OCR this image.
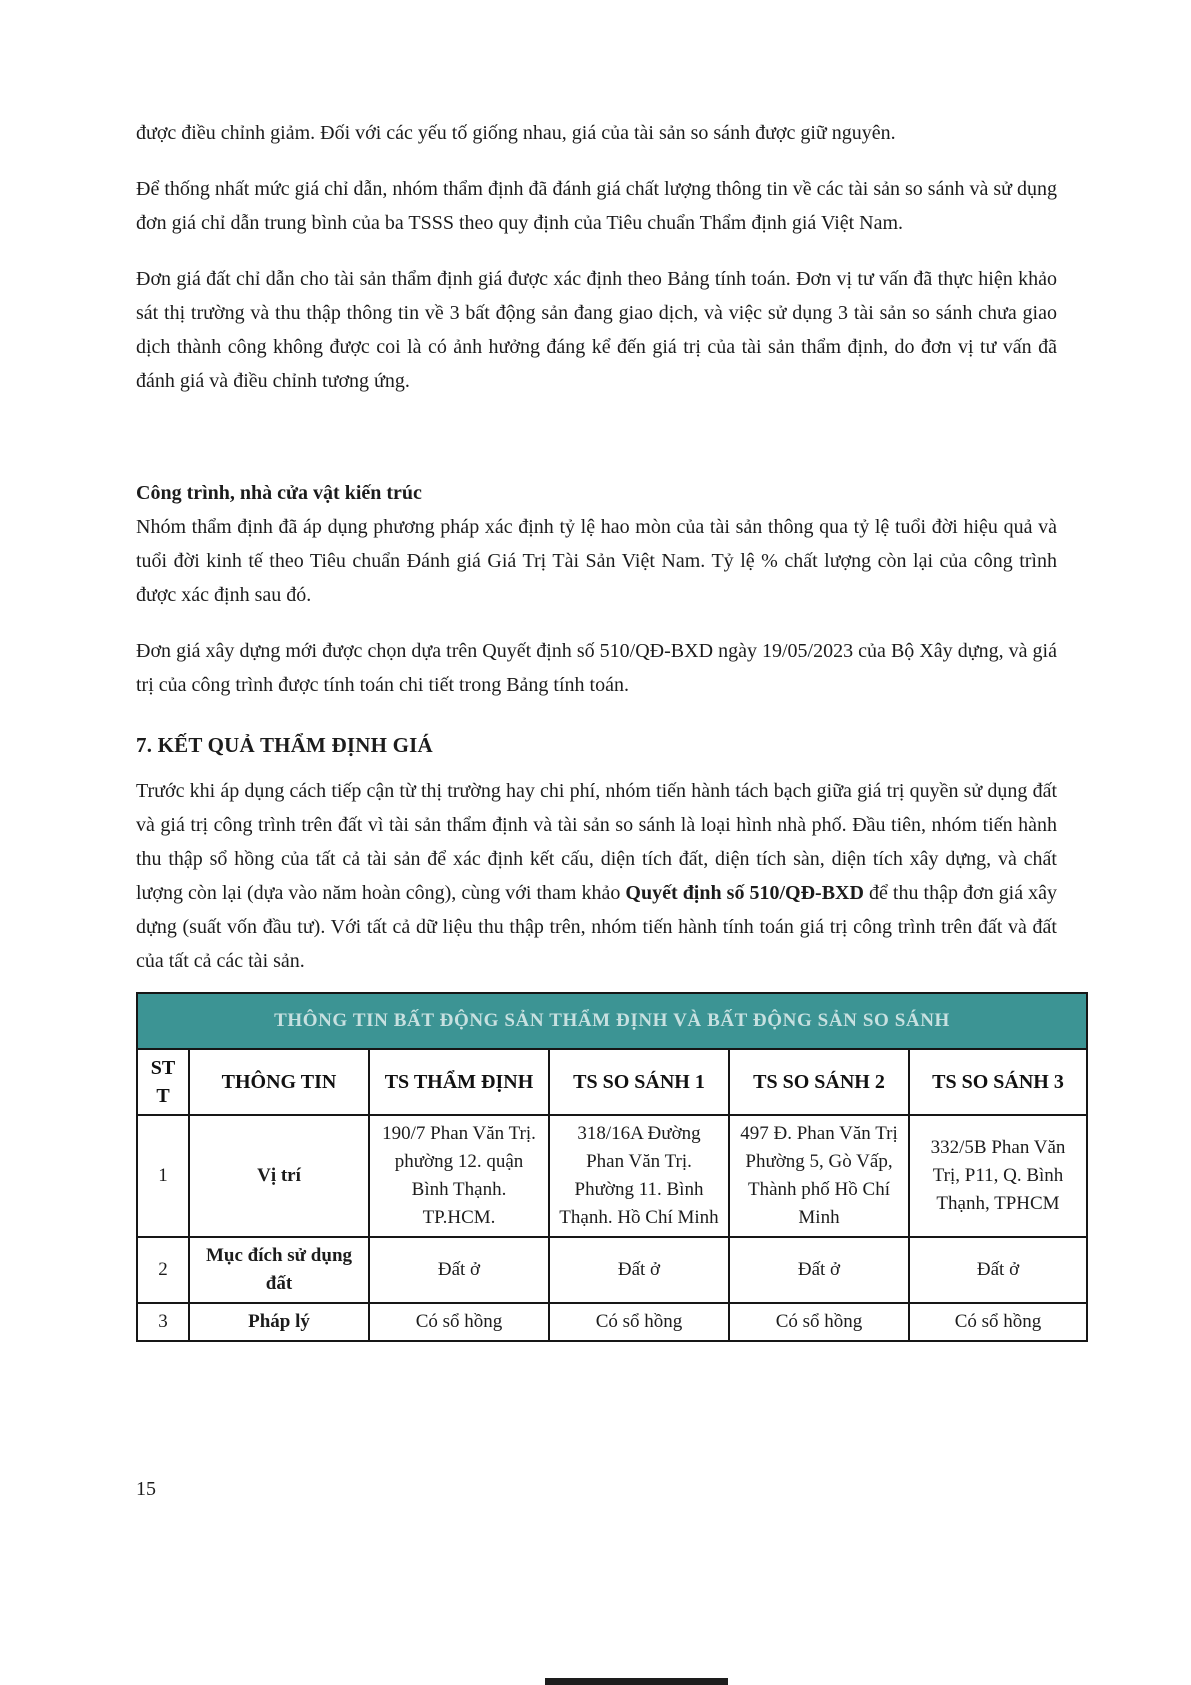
được điều chỉnh giảm. Đối với các yếu tố giống nhau, giá của tài sản so sánh được giữ nguyên.

Để thống nhất mức giá chỉ dẫn, nhóm thẩm định đã đánh giá chất lượng thông tin về các tài sản so sánh và sử dụng đơn giá chỉ dẫn trung bình của ba TSSS theo quy định của Tiêu chuẩn Thẩm định giá Việt Nam.

Đơn giá đất chỉ dẫn cho tài sản thẩm định giá được xác định theo Bảng tính toán. Đơn vị tư vấn đã thực hiện khảo sát thị trường và thu thập thông tin về 3 bất động sản đang giao dịch, và việc sử dụng 3 tài sản so sánh chưa giao dịch thành công không được coi là có ảnh hưởng đáng kể đến giá trị của tài sản thẩm định, do đơn vị tư vấn đã đánh giá và điều chỉnh tương ứng.

Công trình, nhà cửa vật kiến trúc

Nhóm thẩm định đã áp dụng phương pháp xác định tỷ lệ hao mòn của tài sản thông qua tỷ lệ tuổi đời hiệu quả và tuổi đời kinh tế theo Tiêu chuẩn Đánh giá Giá Trị Tài Sản Việt Nam. Tỷ lệ % chất lượng còn lại của công trình được xác định sau đó.

Đơn giá xây dựng mới được chọn dựa trên Quyết định số 510/QĐ-BXD ngày 19/05/2023 của Bộ Xây dựng, và giá trị của công trình được tính toán chi tiết trong Bảng tính toán.

7. KẾT QUẢ THẨM ĐỊNH GIÁ

Trước khi áp dụng cách tiếp cận từ thị trường hay chi phí, nhóm tiến hành tách bạch giữa giá trị quyền sử dụng đất và giá trị công trình trên đất vì tài sản thẩm định và tài sản so sánh là loại hình nhà phố. Đầu tiên, nhóm tiến hành thu thập sổ hồng của tất cả tài sản để xác định kết cấu, diện tích đất, diện tích sàn, diện tích xây dựng, và chất lượng còn lại (dựa vào năm hoàn công), cùng với tham khảo Quyết định số 510/QĐ-BXD để thu thập đơn giá xây dựng (suất vốn đầu tư). Với tất cả dữ liệu thu thập trên, nhóm tiến hành tính toán giá trị công trình trên đất và đất của tất cả các tài sản.

THÔNG TIN BẤT ĐỘNG SẢN THẨM ĐỊNH VÀ BẤT ĐỘNG SẢN SO SÁNH					
STT	THÔNG TIN	TS THẨM ĐỊNH	TS SO SÁNH 1	TS SO SÁNH 2	TS SO SÁNH 3
1	Vị trí	190/7 Phan Văn Trị. phường 12. quận Bình Thạnh. TP.HCM.	318/16A Đường Phan Văn Trị. Phường 11. Bình Thạnh. Hồ Chí Minh	497 Đ. Phan Văn Trị Phường 5, Gò Vấp, Thành phố Hồ Chí Minh	332/5B Phan Văn Trị, P11, Q. Bình Thạnh, TPHCM
2	Mục đích sử dụng đất	Đất ở	Đất ở	Đất ở	Đất ở
3	Pháp lý	Có sổ hồng	Có sổ hồng	Có sổ hồng	Có sổ hồng
15
